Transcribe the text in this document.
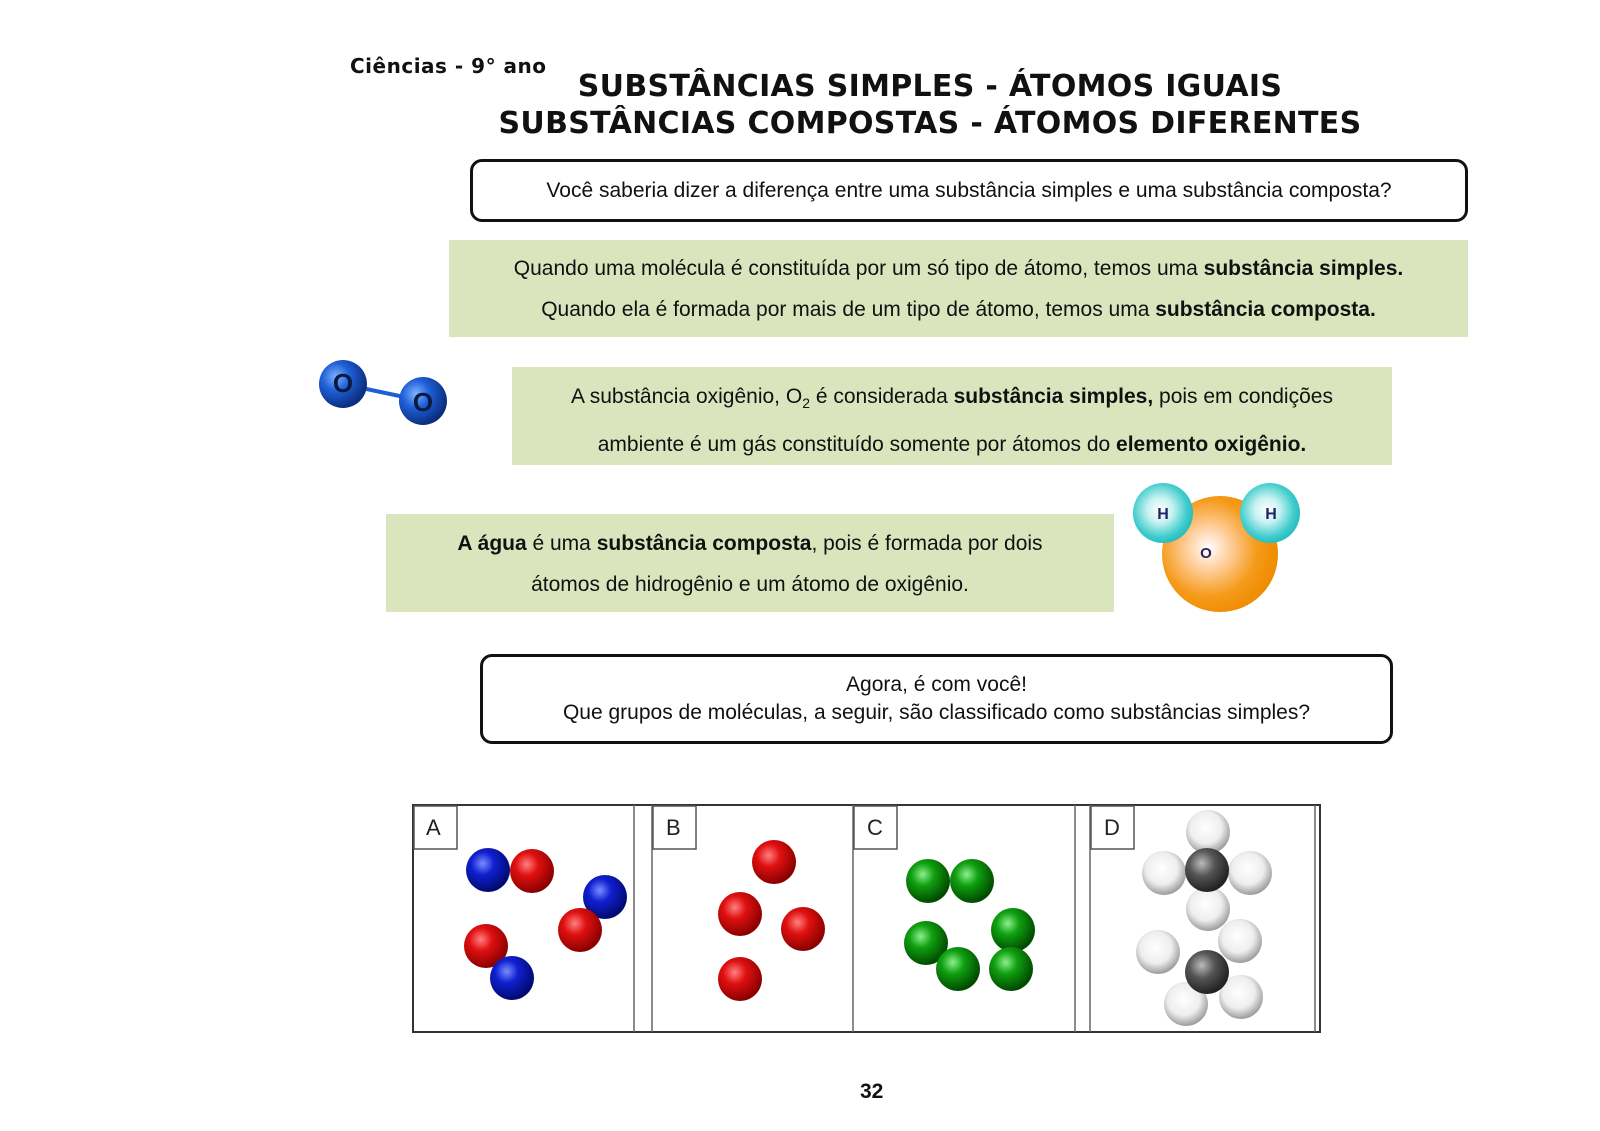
Ciências - 9° ano
SUBSTÂNCIAS SIMPLES - ÁTOMOS IGUAIS
SUBSTÂNCIAS COMPOSTAS - ÁTOMOS DIFERENTES
Você saberia dizer a diferença entre uma substância simples e uma substância composta?
Quando uma molécula é constituída por um só tipo de átomo, temos uma substância simples.
Quando ela é formada por mais de um tipo de átomo, temos uma substância composta.
O
O	A substância oxigênio, $O_2$ é considerada substância simples, pois em condições
ambiente é um gás constituído somente por átomos do elemento oxigênio.
A água é uma substância composta, pois é formada por dois
átomos de hidrogênio e um átomo de oxigênio.
H	H
O
Agora, é com você!
Que grupos de moléculas, a seguir, são classificado como substâncias simples?
A	B	C	D
32
